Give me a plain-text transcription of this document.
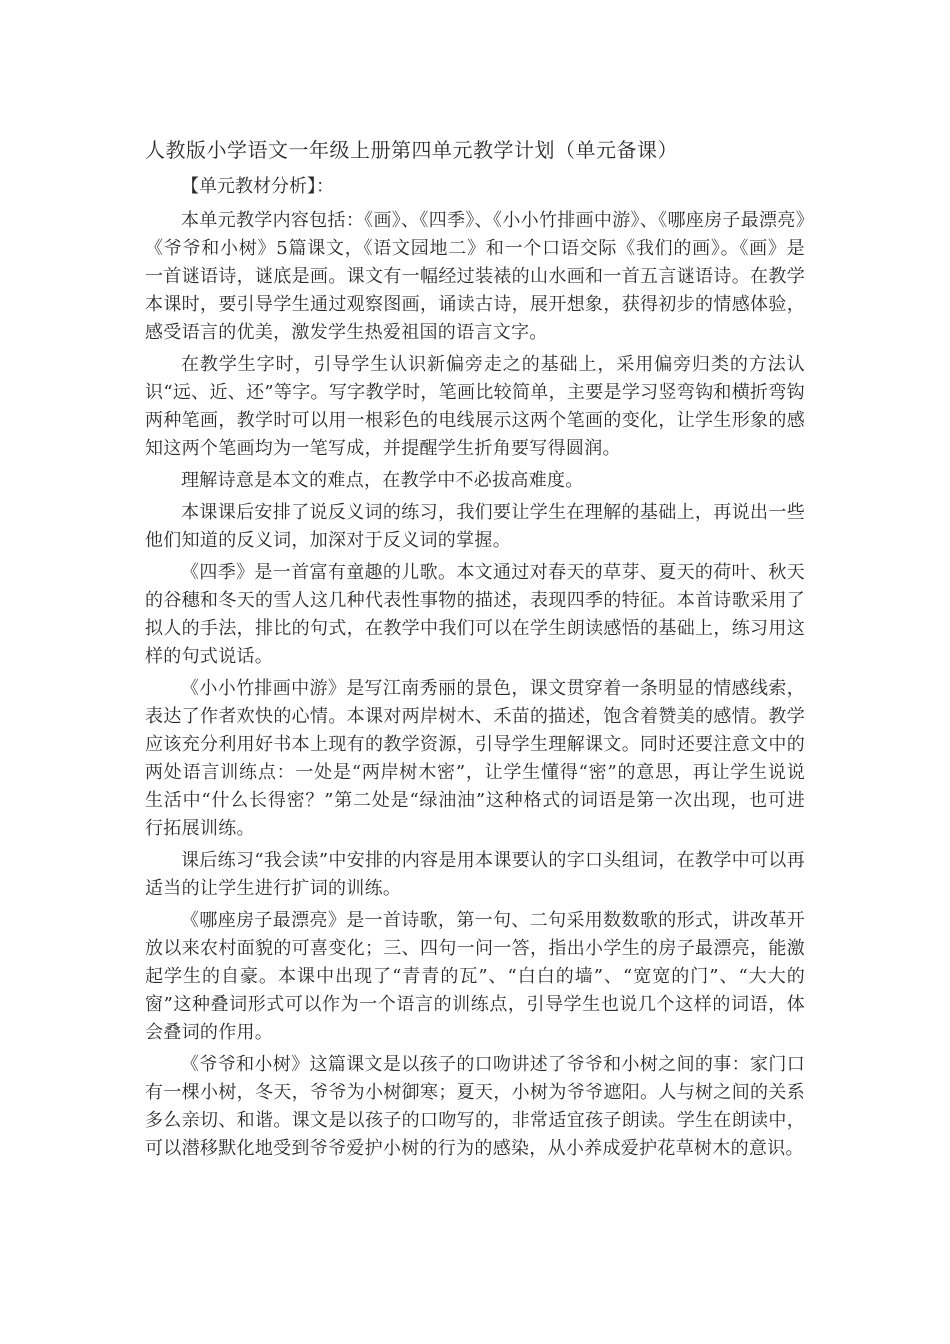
人教版小学语文一年级上册第四单元教学计划（单元备课）

【单元教材分析】：

本单元教学内容包括：《画》、《四季》、《小小竹排画中游》、《哪座房子最漂亮》《爷爷和小树》5篇课文，《语文园地二》和一个口语交际《我们的画》。《画》是一首谜语诗，谜底是画。课文有一幅经过装裱的山水画和一首五言谜语诗。在教学本课时，要引导学生通过观察图画，诵读古诗，展开想象，获得初步的情感体验，感受语言的优美，激发学生热爱祖国的语言文字。

在教学生字时，引导学生认识新偏旁走之的基础上，采用偏旁归类的方法认识“远、近、还”等字。写字教学时，笔画比较简单，主要是学习竖弯钩和横折弯钩两种笔画，教学时可以用一根彩色的电线展示这两个笔画的变化，让学生形象的感知这两个笔画均为一笔写成，并提醒学生折角要写得圆润。

理解诗意是本文的难点，在教学中不必拔高难度。

本课课后安排了说反义词的练习，我们要让学生在理解的基础上，再说出一些他们知道的反义词，加深对于反义词的掌握。

《四季》是一首富有童趣的儿歌。本文通过对春天的草芽、夏天的荷叶、秋天的谷穗和冬天的雪人这几种代表性事物的描述，表现四季的特征。本首诗歌采用了拟人的手法，排比的句式，在教学中我们可以在学生朗读感悟的基础上，练习用这样的句式说话。

《小小竹排画中游》是写江南秀丽的景色，课文贯穿着一条明显的情感线索，表达了作者欢快的心情。本课对两岸树木、禾苗的描述，饱含着赞美的感情。教学应该充分利用好书本上现有的教学资源，引导学生理解课文。同时还要注意文中的两处语言训练点：一处是“两岸树木密”，让学生懂得“密”的意思，再让学生说说生活中“什么长得密？”第二处是“绿油油”这种格式的词语是第一次出现，也可进行拓展训练。

课后练习“我会读”中安排的内容是用本课要认的字口头组词，在教学中可以再适当的让学生进行扩词的训练。

《哪座房子最漂亮》是一首诗歌，第一句、二句采用数数歌的形式，讲改革开放以来农村面貌的可喜变化；三、四句一问一答，指出小学生的房子最漂亮，能激起学生的自豪。本课中出现了“青青的瓦”、“白白的墙”、“宽宽的门”、“大大的窗”这种叠词形式可以作为一个语言的训练点，引导学生也说几个这样的词语，体会叠词的作用。

《爷爷和小树》这篇课文是以孩子的口吻讲述了爷爷和小树之间的事：家门口有一棵小树，冬天，爷爷为小树御寒；夏天，小树为爷爷遮阳。人与树之间的关系多么亲切、和谐。课文是以孩子的口吻写的，非常适宜孩子朗读。学生在朗读中，可以潜移默化地受到爷爷爱护小树的行为的感染，从小养成爱护花草树木的意识。
